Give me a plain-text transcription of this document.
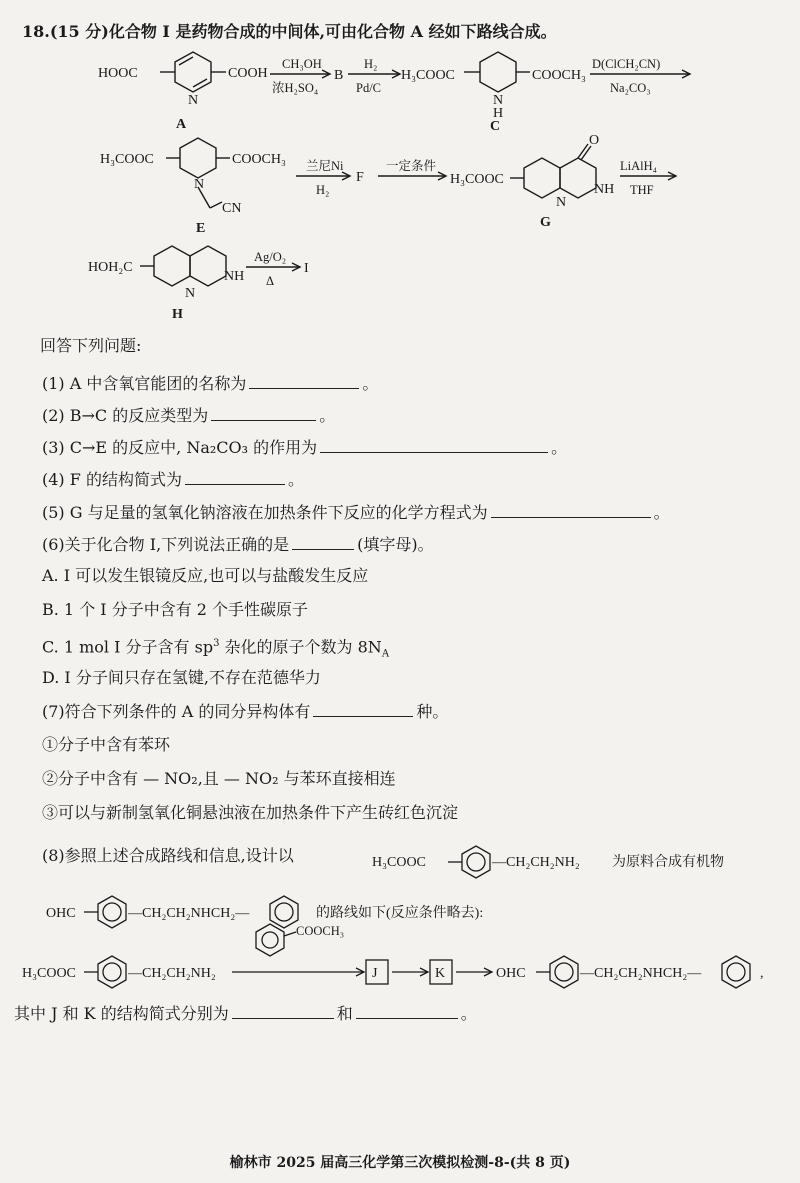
18.(15 分)化合物 I 是药物合成的中间体,可由化合物 A 经如下路线合成。
HOOC	COOH
N
CH₃OH
浓H₂SO₄
B
H₂
Pd/C
H₃COOC	COOCH₃
N
H
D(ClCH₂CN)
Na₂CO₃
A	C
H₃COOC	COOCH₃
N
CN
E
兰尼Ni
H₂
F
一定条件
H₃COOC
O
NH
N
G
LiAlH₄
THF
HOH₂C
NH
N
H
Ag/O₂
Δ
I
回答下列问题:
(1) A 中含氧官能团的名称为	。
(2) B→C 的反应类型为	。
(3) C→E 的反应中, Na₂CO₃ 的作用为	。
(4) F 的结构简式为	。
(5) G 与足量的氢氧化钠溶液在加热条件下反应的化学方程式为	。
(6)关于化合物 I,下列说法正确的是	(填字母)。
A. I 可以发生银镜反应,也可以与盐酸发生反应
B. 1 个 I 分子中含有 2 个手性碳原子
C. 1 mol I 分子含有 $sp^3$ 杂化的原子个数为 $8N_A$
D. I 分子间只存在氢键,不存在范德华力
(7)符合下列条件的 A 的同分异构体有	种。
①分子中含有苯环
②分子中含有 — NO₂,且 — NO₂ 与苯环直接相连
③可以与新制氢氧化铜悬浊液在加热条件下产生砖红色沉淀
(8)参照上述合成路线和信息,设计以	H₃COOC	—CH₂CH₂NH₂ 为原料合成有机物
OHC	—CH₂CH₂NHCH₂—	的路线如下(反应条件略去):
H₃COOC	—CH₂CH₂NH₂
COOCH₃
J	K	OHC	—CH₂CH₂NHCH₂—	,
其中 J 和 K 的结构简式分别为	和	。
榆林市 2025 届高三化学第三次模拟检测-8-(共 8 页)
